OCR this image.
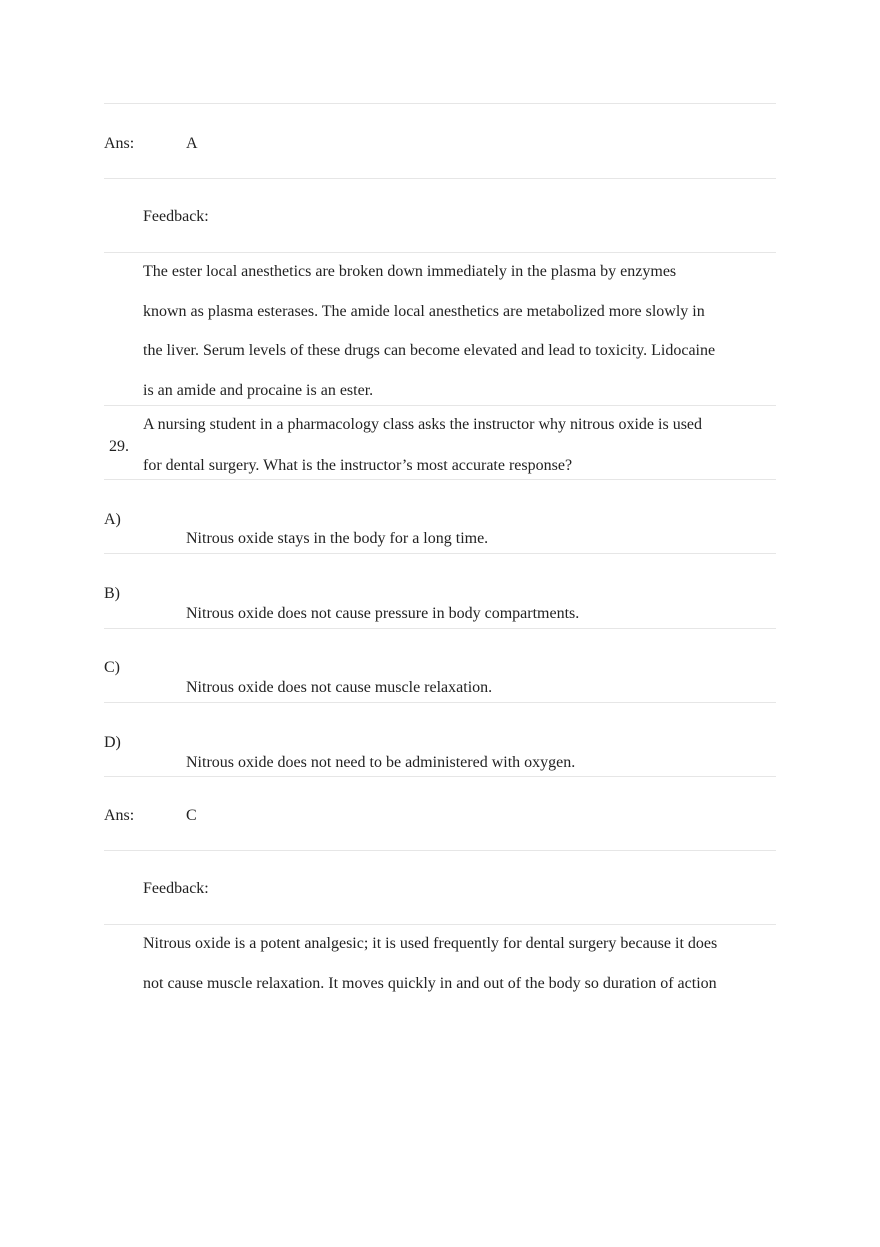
Ans:	A
Feedback:
The ester local anesthetics are broken down immediately in the plasma by enzymes
known as plasma esterases. The amide local anesthetics are metabolized more slowly in
the liver. Serum levels of these drugs can become elevated and lead to toxicity. Lidocaine
is an amide and procaine is an ester.
29.
A nursing student in a pharmacology class asks the instructor why nitrous oxide is used
for dental surgery. What is the instructor’s most accurate response?
A)
Nitrous oxide stays in the body for a long time.
B)
Nitrous oxide does not cause pressure in body compartments.
C)
Nitrous oxide does not cause muscle relaxation.
D)
Nitrous oxide does not need to be administered with oxygen.
Ans:	C
Feedback:
Nitrous oxide is a potent analgesic; it is used frequently for dental surgery because it does
not cause muscle relaxation. It moves quickly in and out of the body so duration of action
